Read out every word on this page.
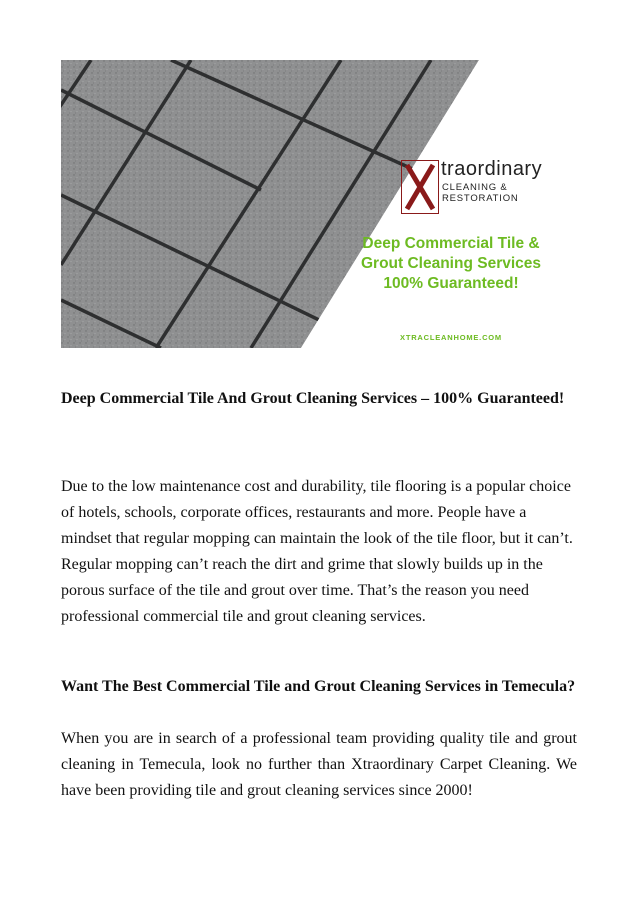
traordinary
CLEANING &
RESTORATION
Deep Commercial Tile &
Grout Cleaning Services
100% Guaranteed!
XTRACLEANHOME.COM
Deep Commercial Tile And Grout Cleaning Services – 100% Guaranteed!

Due to the low maintenance cost and durability, tile flooring is a popular choice of hotels, schools, corporate offices, restaurants and more. People have a mindset that regular mopping can maintain the look of the tile floor, but it can’t. Regular mopping can’t reach the dirt and grime that slowly builds up in the porous surface of the tile and grout over time. That’s the reason you need professional commercial tile and grout cleaning services.

Want The Best Commercial Tile and Grout Cleaning Services in Temecula?

When you are in search of a professional team providing quality tile and grout cleaning in Temecula, look no further than Xtraordinary Carpet Cleaning. We have been providing tile and grout cleaning services since 2000!
